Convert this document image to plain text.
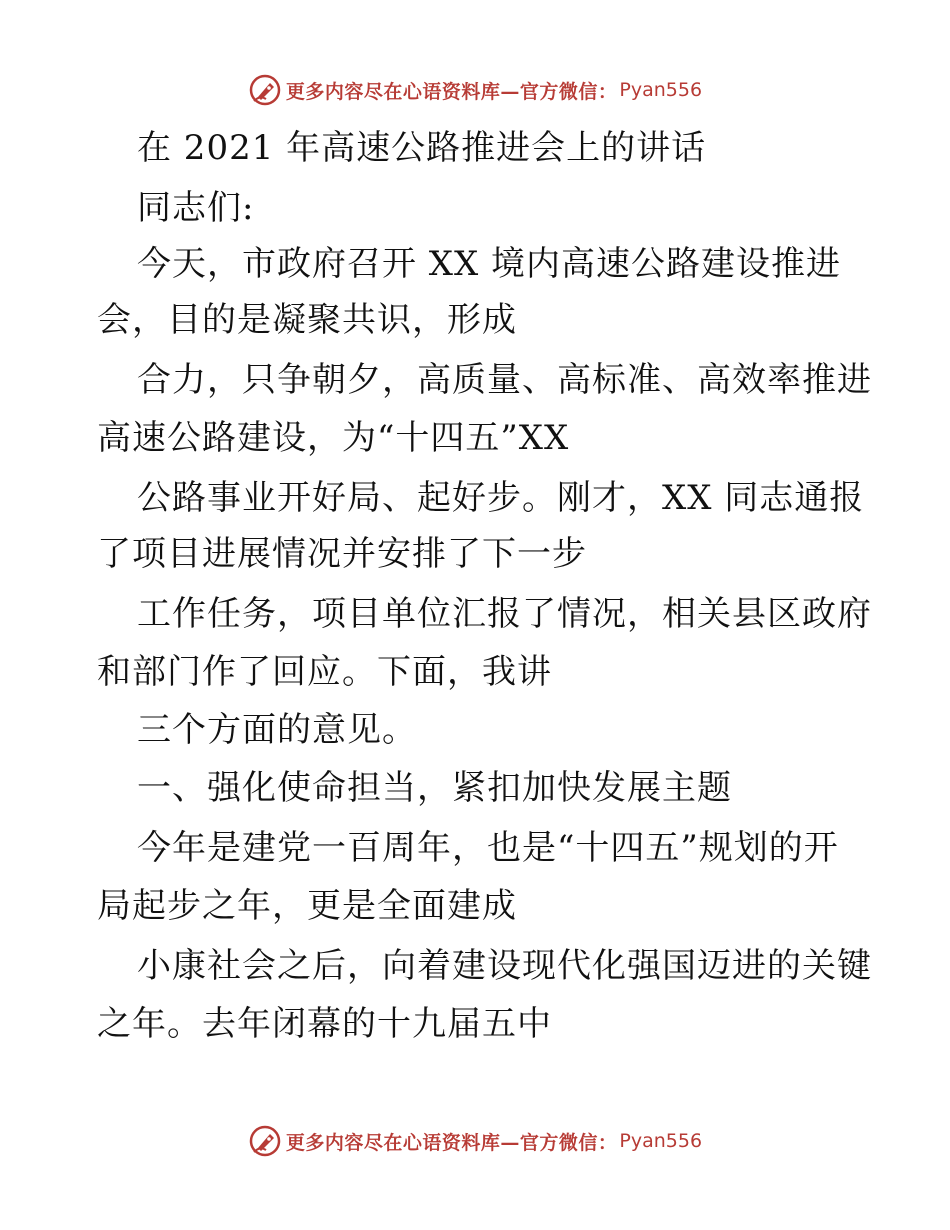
更多内容尽在心语资料库—官方微信： Pyan556
在 2021 年高速公路推进会上的讲话
同志们:
今天，市政府召开 XX 境内高速公路建设推进
会，目的是凝聚共识，形成
合力，只争朝夕，高质量、高标准、高效率推进
高速公路建设，为“十四五”XX
公路事业开好局、起好步。刚才，XX 同志通报
了项目进展情况并安排了下一步
工作任务，项目单位汇报了情况，相关县区政府
和部门作了回应。下面，我讲
三个方面的意见。
一、强化使命担当，紧扣加快发展主题
今年是建党一百周年，也是“十四五”规划的开
局起步之年，更是全面建成
小康社会之后，向着建设现代化强国迈进的关键
之年。去年闭幕的十九届五中
更多内容尽在心语资料库—官方微信： Pyan556
